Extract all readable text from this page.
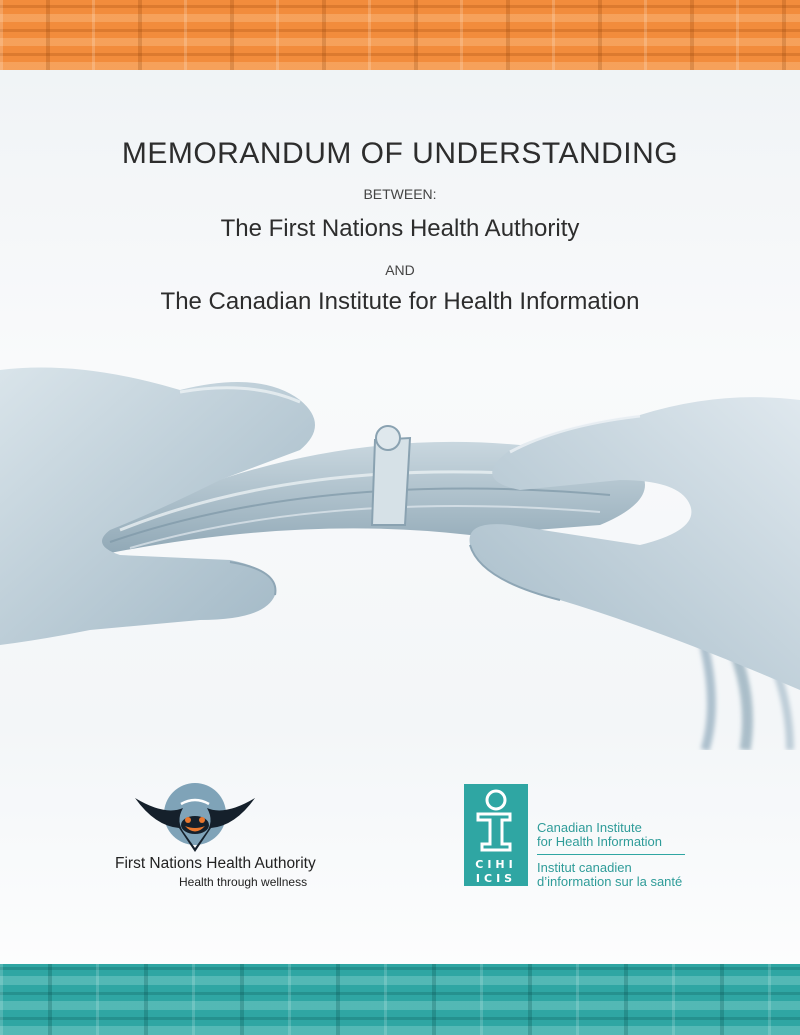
MEMORANDUM OF UNDERSTANDING
BETWEEN:
The First Nations Health Authority
AND
The Canadian Institute for Health Information
First Nations Health Authority
Health through wellness
CIHI
ICIS
Canadian Institute
for Health Information
Institut canadien
d’information sur la santé
